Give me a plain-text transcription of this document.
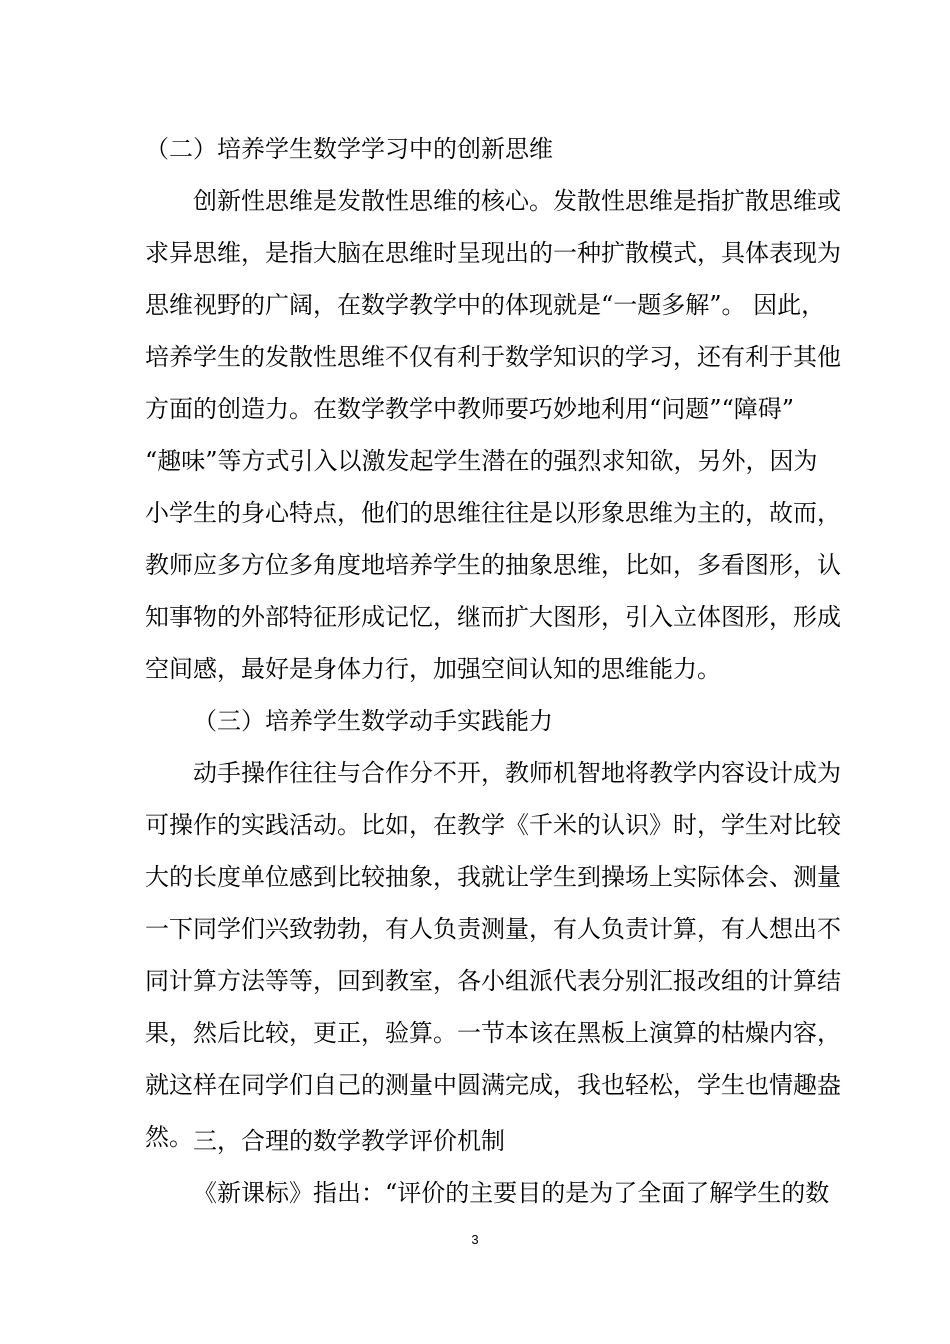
（二）培养学生数学学习中的创新思维

创新性思维是发散性思维的核心。发散性思维是指扩散思维或

求异思维，是指大脑在思维时呈现出的一种扩散模式，具体表现为

思维视野的广阔，在数学教学中的体现就是“一题多解”。 因此，

培养学生的发散性思维不仅有利于数学知识的学习，还有利于其他

方面的创造力。在数学教学中教师要巧妙地利用“问题”“障碍”

“趣味”等方式引入以激发起学生潜在的强烈求知欲，另外，因为

小学生的身心特点，他们的思维往往是以形象思维为主的，故而，

教师应多方位多角度地培养学生的抽象思维，比如，多看图形，认

知事物的外部特征形成记忆，继而扩大图形，引入立体图形，形成

空间感，最好是身体力行，加强空间认知的思维能力。

（三）培养学生数学动手实践能力

动手操作往往与合作分不开，教师机智地将教学内容设计成为

可操作的实践活动。比如，在教学《千米的认识》时，学生对比较

大的长度单位感到比较抽象，我就让学生到操场上实际体会、测量

一下同学们兴致勃勃，有人负责测量，有人负责计算，有人想出不

同计算方法等等，回到教室，各小组派代表分别汇报改组的计算结

果，然后比较，更正，验算。一节本该在黑板上演算的枯燥内容，

就这样在同学们自己的测量中圆满完成，我也轻松，学生也情趣盎

然。 三，合理的数学教学评价机制

《新课标》指出：“评价的主要目的是为了全面了解学生的数

3
